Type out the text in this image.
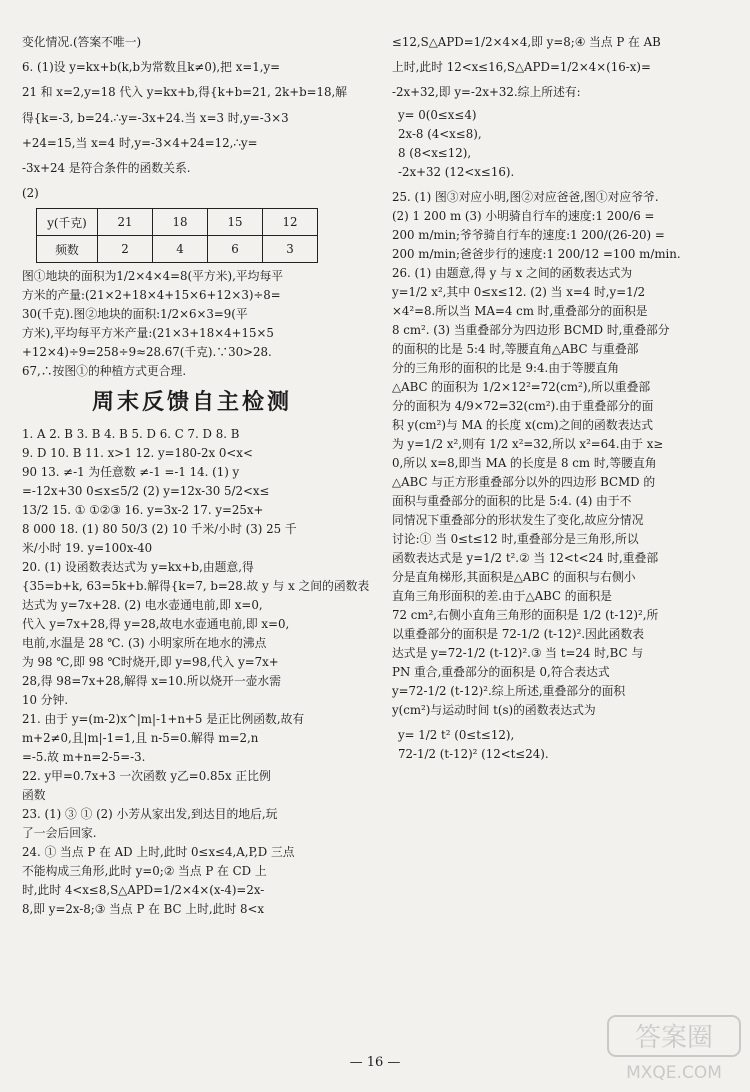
变化情况.(答案不唯一)

6. (1)设 y=kx+b(k,b为常数且k≠0),把 x=1,y=

21 和 x=2,y=18 代入 y=kx+b,得{k+b=21, 2k+b=18,解

得{k=-3, b=24.∴y=-3x+24.当 x=3 时,y=-3×3

+24=15,当 x=4 时,y=-3×4+24=12,∴y=

-3x+24 是符合条件的函数关系.

(2)

y(千克)	21	18	15	12
频数	2	4	6	3

图①地块的面积为1/2×4×4=8(平方米),平均每平

方米的产量:(21×2+18×4+15×6+12×3)÷8=

30(千克).图②地块的面积:1/2×6×3=9(平

方米),平均每平方米产量:(21×3+18×4+15×5

+12×4)÷9=258÷9≈28.67(千克).∵30>28.

67,∴按图①的种植方式更合理.

周末反馈自主检测

1. A 2. B 3. B 4. B 5. D 6. C 7. D 8. B

9. D 10. B 11. x>1 12. y=180-2x 0<x<

90 13. ≠-1 为任意数 ≠-1 =-1 14. (1) y

=-12x+30 0≤x≤5/2 (2) y=12x-30 5/2<x≤

13/2 15. ① ①②③ 16. y=3x-2 17. y=25x+

8 000 18. (1) 80 50/3 (2) 10 千米/小时 (3) 25 千

米/小时 19. y=100x-40

20. (1) 设函数表达式为 y=kx+b,由题意,得

{35=b+k, 63=5k+b.解得{k=7, b=28.故 y 与 x 之间的函数表

达式为 y=7x+28. (2) 电水壶通电前,即 x=0,

代入 y=7x+28,得 y=28,故电水壶通电前,即 x=0,

电前,水温是 28 ℃. (3) 小明家所在地水的沸点

为 98 ℃,即 98 ℃时烧开,即 y=98,代入 y=7x+

28,得 98=7x+28,解得 x=10.所以烧开一壶水需

10 分钟.

21. 由于 y=(m-2)x^|m|-1+n+5 是正比例函数,故有

m+2≠0,且|m|-1=1,且 n-5=0.解得 m=2,n

=-5.故 m+n=2-5=-3.

22. y甲=0.7x+3 一次函数 y乙=0.85x 正比例

函数

23. (1) ③ ① (2) 小芳从家出发,到达目的地后,玩

了一会后回家.

24. ① 当点 P 在 AD 上时,此时 0≤x≤4,A,P,D 三点

不能构成三角形,此时 y=0;② 当点 P 在 CD 上

时,此时 4<x≤8,S△APD=1/2×4×(x-4)=2x-

8,即 y=2x-8;③ 当点 P 在 BC 上时,此时 8<x

≤12,S△APD=1/2×4×4,即 y=8;④ 当点 P 在 AB

上时,此时 12<x≤16,S△APD=1/2×4×(16-x)=

-2x+32,即 y=-2x+32.综上所述有:

y= 0(0≤x≤4)

2x-8 (4<x≤8),

8 (8<x≤12),

-2x+32 (12<x≤16).

25. (1) 图③对应小明,图②对应爸爸,图①对应爷爷.

(2) 1 200 m (3) 小明骑自行车的速度:1 200/6 =

200 m/min;爷爷骑自行车的速度:1 200/(26-20) =

200 m/min;爸爸步行的速度:1 200/12 =100 m/min.

26. (1) 由题意,得 y 与 x 之间的函数表达式为

y=1/2 x²,其中 0≤x≤12. (2) 当 x=4 时,y=1/2

×4²=8.所以当 MA=4 cm 时,重叠部分的面积是

8 cm². (3) 当重叠部分为四边形 BCMD 时,重叠部分

的面积的比是 5:4 时,等腰直角△ABC 与重叠部

分的三角形的面积的比是 9:4.由于等腰直角

△ABC 的面积为 1/2×12²=72(cm²),所以重叠部

分的面积为 4/9×72=32(cm²).由于重叠部分的面

积 y(cm²)与 MA 的长度 x(cm)之间的函数表达式

为 y=1/2 x²,则有 1/2 x²=32,所以 x²=64.由于 x≥

0,所以 x=8,即当 MA 的长度是 8 cm 时,等腰直角

△ABC 与正方形重叠部分以外的四边形 BCMD 的

面积与重叠部分的面积的比是 5:4. (4) 由于不

同情况下重叠部分的形状发生了变化,故应分情况

讨论:① 当 0≤t≤12 时,重叠部分是三角形,所以

函数表达式是 y=1/2 t².② 当 12<t<24 时,重叠部

分是直角梯形,其面积是△ABC 的面积与右侧小

直角三角形面积的差.由于△ABC 的面积是

72 cm²,右侧小直角三角形的面积是 1/2 (t-12)²,所

以重叠部分的面积是 72-1/2 (t-12)².因此函数表

达式是 y=72-1/2 (t-12)².③ 当 t=24 时,BC 与

PN 重合,重叠部分的面积是 0,符合表达式

y=72-1/2 (t-12)².综上所述,重叠部分的面积

y(cm²)与运动时间 t(s)的函数表达式为

y= 1/2 t² (0≤t≤12),

72-1/2 (t-12)² (12<t≤24).

— 16 —
答案圈
MXQE.COM
